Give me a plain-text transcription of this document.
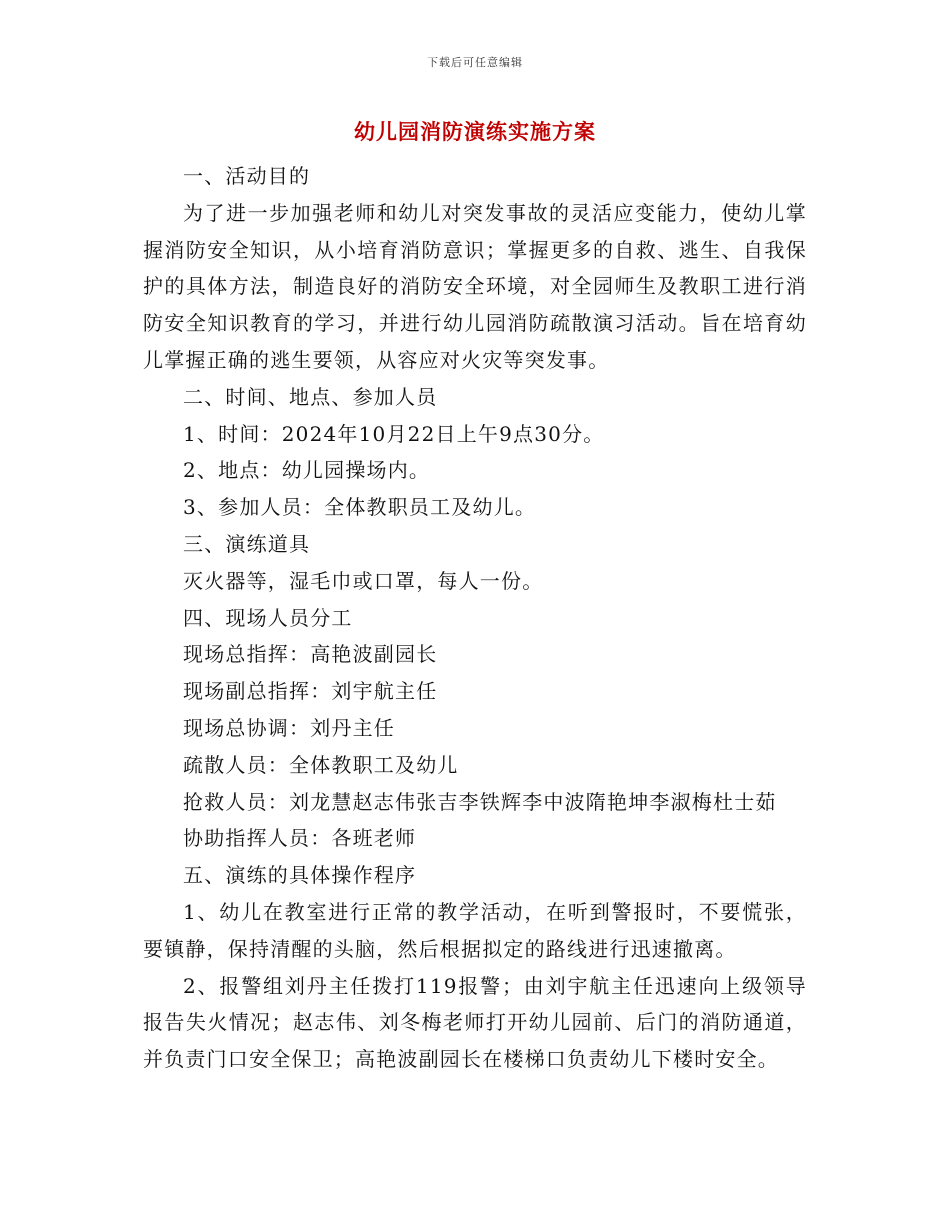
下载后可任意编辑
幼儿园消防演练实施方案

一、活动目的

为了进一步加强老师和幼儿对突发事故的灵活应变能力，使幼儿掌握消防安全知识，从小培育消防意识；掌握更多的自救、逃生、自我保护的具体方法，制造良好的消防安全环境，对全园师生及教职工进行消防安全知识教育的学习，并进行幼儿园消防疏散演习活动。旨在培育幼儿掌握正确的逃生要领，从容应对火灾等突发事。

二、时间、地点、参加人员

1、时间：2024年10月22日上午9点30分。

2、地点：幼儿园操场内。

3、参加人员：全体教职员工及幼儿。

三、演练道具

灭火器等，湿毛巾或口罩，每人一份。

四、现场人员分工

现场总指挥：高艳波副园长

现场副总指挥：刘宇航主任

现场总协调：刘丹主任

疏散人员：全体教职工及幼儿

抢救人员：刘龙慧赵志伟张吉李铁辉李中波隋艳坤李淑梅杜士茹

协助指挥人员：各班老师

五、演练的具体操作程序

1、幼儿在教室进行正常的教学活动，在听到警报时，不要慌张，要镇静，保持清醒的头脑，然后根据拟定的路线进行迅速撤离。

2、报警组刘丹主任拨打119报警；由刘宇航主任迅速向上级领导报告失火情况；赵志伟、刘冬梅老师打开幼儿园前、后门的消防通道，并负责门口安全保卫；高艳波副园长在楼梯口负责幼儿下楼时安全。
